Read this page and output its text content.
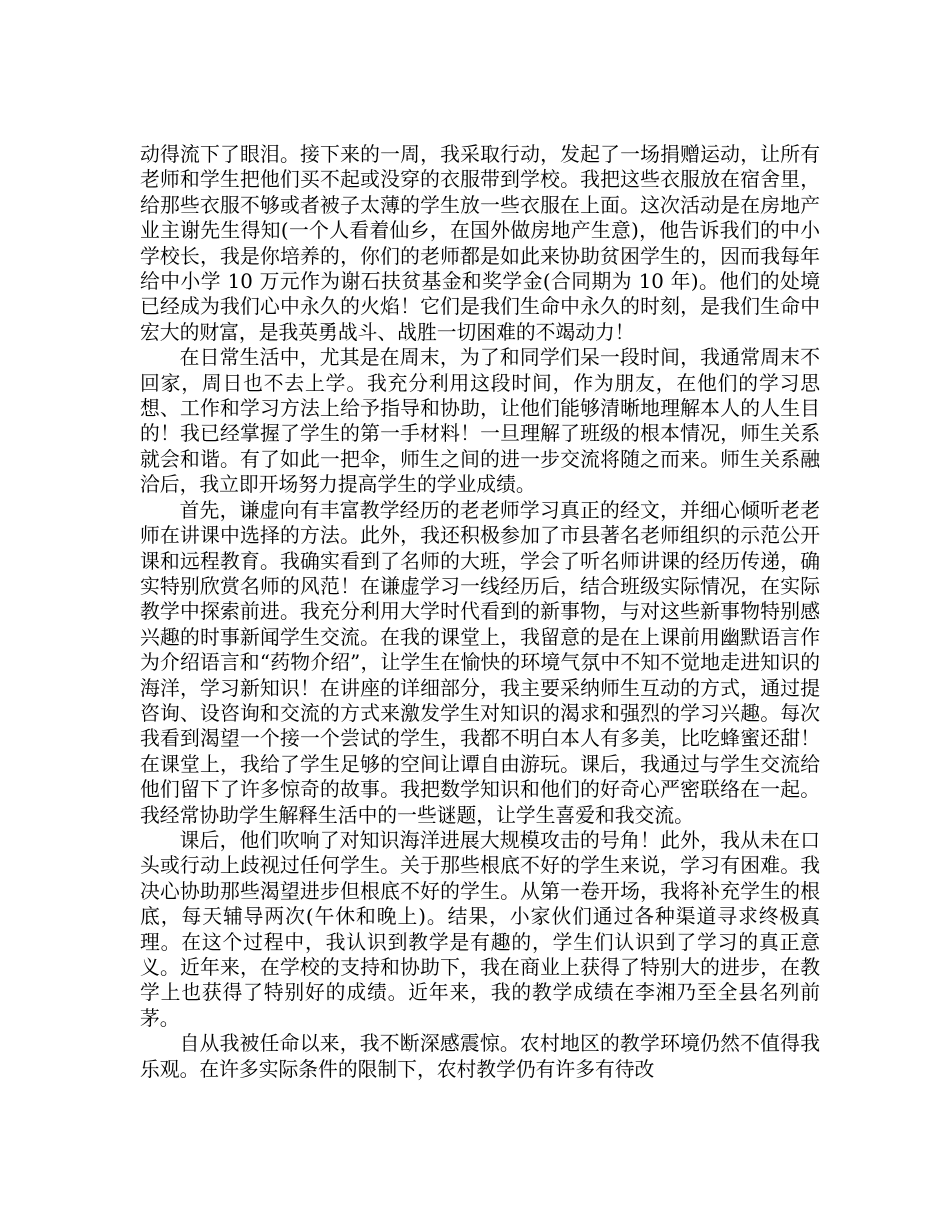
动得流下了眼泪。接下来的一周，我采取行动，发起了一场捐赠运动，让所有老师和学生把他们买不起或没穿的衣服带到学校。我把这些衣服放在宿舍里，给那些衣服不够或者被子太薄的学生放一些衣服在上面。这次活动是在房地产业主谢先生得知(一个人看着仙乡，在国外做房地产生意)，他告诉我们的中小学校长，我是你培养的，你们的老师都是如此来协助贫困学生的，因而我每年给中小学 10 万元作为谢石扶贫基金和奖学金(合同期为 10 年)。他们的处境已经成为我们心中永久的火焰！它们是我们生命中永久的时刻，是我们生命中宏大的财富，是我英勇战斗、战胜一切困难的不竭动力！

在日常生活中，尤其是在周末，为了和同学们呆一段时间，我通常周末不回家，周日也不去上学。我充分利用这段时间，作为朋友，在他们的学习思想、工作和学习方法上给予指导和协助，让他们能够清晰地理解本人的人生目的！我已经掌握了学生的第一手材料！一旦理解了班级的根本情况，师生关系就会和谐。有了如此一把伞，师生之间的进一步交流将随之而来。师生关系融洽后，我立即开场努力提高学生的学业成绩。

首先，谦虚向有丰富教学经历的老老师学习真正的经文，并细心倾听老老师在讲课中选择的方法。此外，我还积极参加了市县著名老师组织的示范公开课和远程教育。我确实看到了名师的大班，学会了听名师讲课的经历传递，确实特别欣赏名师的风范！在谦虚学习一线经历后，结合班级实际情况，在实际教学中探索前进。我充分利用大学时代看到的新事物，与对这些新事物特别感兴趣的时事新闻学生交流。在我的课堂上，我留意的是在上课前用幽默语言作为介绍语言和“药物介绍”，让学生在愉快的环境气氛中不知不觉地走进知识的海洋，学习新知识！在讲座的详细部分，我主要采纳师生互动的方式，通过提咨询、设咨询和交流的方式来激发学生对知识的渴求和强烈的学习兴趣。每次我看到渴望一个接一个尝试的学生，我都不明白本人有多美，比吃蜂蜜还甜！在课堂上，我给了学生足够的空间让谭自由游玩。课后，我通过与学生交流给他们留下了许多惊奇的故事。我把数学知识和他们的好奇心严密联络在一起。我经常协助学生解释生活中的一些谜题，让学生喜爱和我交流。

课后，他们吹响了对知识海洋进展大规模攻击的号角！此外，我从未在口头或行动上歧视过任何学生。关于那些根底不好的学生来说，学习有困难。我决心协助那些渴望进步但根底不好的学生。从第一卷开场，我将补充学生的根底，每天辅导两次(午休和晚上)。结果，小家伙们通过各种渠道寻求终极真理。在这个过程中，我认识到教学是有趣的，学生们认识到了学习的真正意义。近年来，在学校的支持和协助下，我在商业上获得了特别大的进步，在教学上也获得了特别好的成绩。近年来，我的教学成绩在李湘乃至全县名列前茅。

自从我被任命以来，我不断深感震惊。农村地区的教学环境仍然不值得我乐观。在许多实际条件的限制下，农村教学仍有许多有待改
